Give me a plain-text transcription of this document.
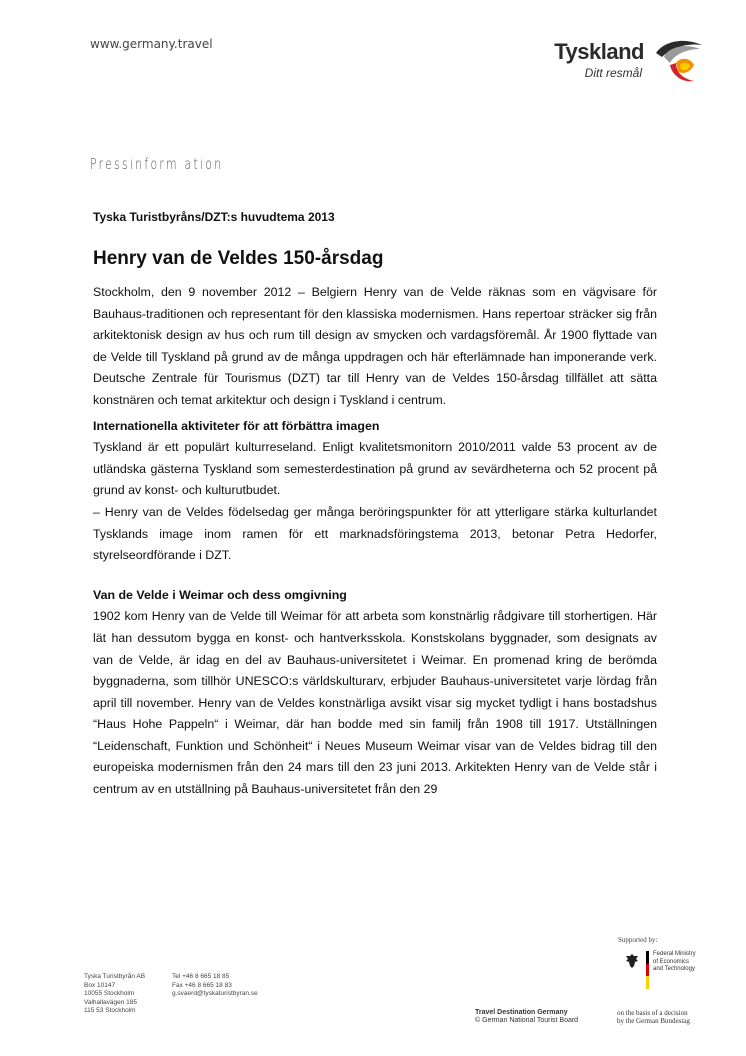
www.germany.travel	Tyskland
Ditt resmål
Pressinform ation

Tyska Turistbyråns/DZT:s huvudtema 2013

Henry van de Veldes 150-årsdag

Stockholm, den 9 november 2012 – Belgiern Henry van de Velde räknas som en vägvisare för Bauhaus-traditionen och representant för den klassiska modernismen. Hans repertoar sträcker sig från arkitektonisk design av hus och rum till design av smycken och vardagsföremål. År 1900 flyttade van de Velde till Tyskland på grund av de många uppdragen och här efterlämnade han imponerande verk. Deutsche Zentrale für Tourismus (DZT) tar till Henry van de Veldes 150-årsdag tillfället att sätta konstnären och temat arkitektur och design i Tyskland i centrum.

Internationella aktiviteter för att förbättra imagen

Tyskland är ett populärt kulturreseland. Enligt kvalitetsmonitorn 2010/2011 valde 53 procent av de utländska gästerna Tyskland som semesterdestination på grund av sevärdheterna och 52 procent på grund av konst- och kulturutbudet.

– Henry van de Veldes födelsedag ger många beröringspunkter för att ytterligare stärka kulturlandet Tysklands image inom ramen för ett marknadsföringstema 2013, betonar Petra Hedorfer, styrelseordförande i DZT.

Van de Velde i Weimar och dess omgivning

1902 kom Henry van de Velde till Weimar för att arbeta som konstnärlig rådgivare till storhertigen. Här lät han dessutom bygga en konst- och hantverksskola. Konstskolans byggnader, som designats av van de Velde, är idag en del av Bauhaus-universitetet i Weimar. En promenad kring de berömda byggnaderna, som tillhör UNESCO:s världskulturarv, erbjuder Bauhaus-universitetet varje lördag från april till november. Henry van de Veldes konstnärliga avsikt visar sig mycket tydligt i hans bostadshus “Haus Hohe Pappeln“ i Weimar, där han bodde med sin familj från 1908 till 1917. Utställningen “Leidenschaft, Funktion und Schönheit“ i Neues Museum Weimar visar van de Veldes bidrag till den europeiska modernismen från den 24 mars till den 23 juni 2013. Arkitekten Henry van de Velde står i centrum av en utställning på Bauhaus-universitetet från den 29

Supported by:
Federal Ministry
of Economics
and Technology
Tyska Turistbyrån AB
Box 10147
10055 Stockholm
Valhallavägen 185
115 53 Stockholm
Tel +46 8 665 18 85
Fax +46 8 665 18 83
g.svaerd@tyskaturistbyran.se
Travel Destination Germany
© German National Tourist Board
on the basis of a decision
by the German Bundestag
